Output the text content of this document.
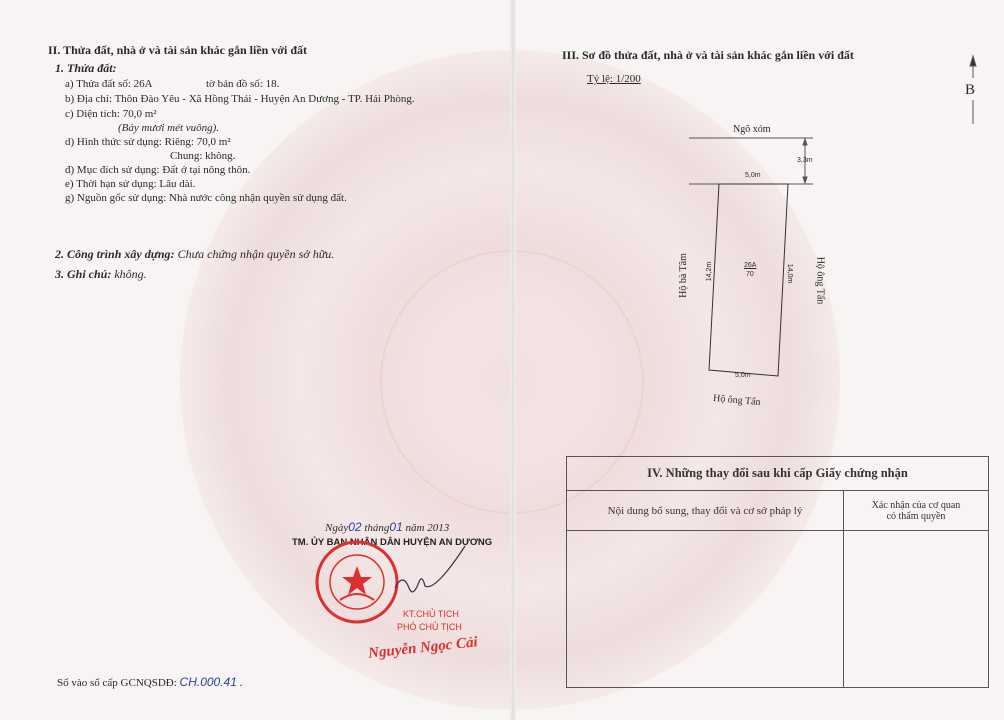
II. Thửa đất, nhà ở và tài sản khác gắn liền với đất
1. Thửa đất:
a) Thửa đất số: 26A	tờ bản đồ số: 18.
b) Địa chỉ: Thôn Đào Yêu - Xã Hồng Thái - Huyện An Dương - TP. Hải Phòng.
c) Diện tích: 70,0 m²
(Bảy mươi mét vuông).
d) Hình thức sử dụng: Riêng: 70,0 m²
Chung: không.
đ) Mục đích sử dụng: Đất ở tại nông thôn.
e) Thời hạn sử dụng: Lâu dài.
g) Nguồn gốc sử dụng: Nhà nước công nhận quyền sử dụng đất.
2. Công trình xây dựng: Chưa chứng nhận quyền sở hữu.
3. Ghi chú: không.
Ngày02 tháng01 năm 2013
TM. ỦY BAN NHÂN DÂN HUYỆN AN DƯƠNG
KT.CHỦ TỊCH
PHÓ CHỦ TỊCH
Nguyễn Ngọc Cải
Số vào sổ cấp GCNQSDĐ: CH.000.41 .
III. Sơ đồ thửa đất, nhà ở và tài sản khác gắn liền với đất
Tỷ lệ: 1/200
B
Ngõ xóm
3,3m
5,0m
5,0m
14,2m	14,0m
26A
70
Hộ bà Tâm	Hộ ông Tấn
Hộ ông Tấn
IV. Những thay đổi sau khi cấp Giấy chứng nhận	
Nội dung bổ sung, thay đổi và cơ sở pháp lý	Xác nhận của cơ quan
có thẩm quyền
